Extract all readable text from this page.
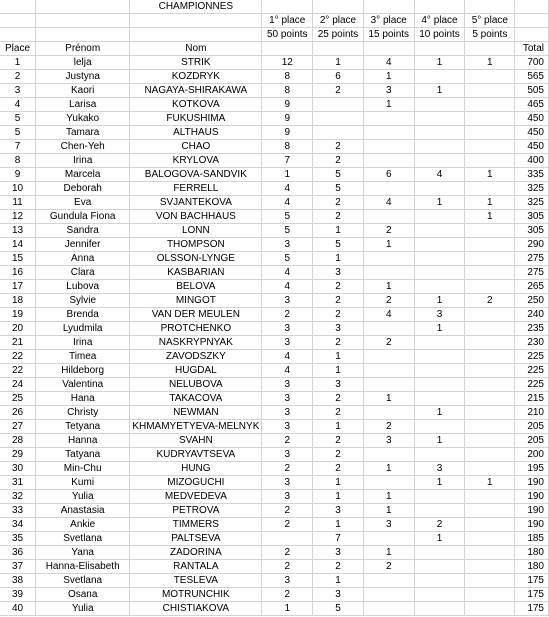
		CHAMPIONNES						
			1° place	2° place	3° place	4° place	5° place	
			50 points	25 points	15 points	10 points	5 points	
Place	Prénom	Nom						Total
1	lelja	STRIK	12	1	4	1	1	700
2	Justyna	KOZDRYK	8	6	1			565
3	Kaori	NAGAYA-SHIRAKAWA	8	2	3	1		505
4	Larisa	KOTKOVA	9		1			465
5	Yukako	FUKUSHIMA	9					450
5	Tamara	ALTHAUS	9					450
7	Chen-Yeh	CHAO	8	2				450
8	Irina	KRYLOVA	7	2				400
9	Marcela	BALOGOVA-SANDVIK	1	5	6	4	1	335
10	Deborah	FERRELL	4	5				325
11	Eva	SVJANTEKOVA	4	2	4	1	1	325
12	Gundula Fiona	VON BACHHAUS	5	2			1	305
13	Sandra	LONN	5	1	2			305
14	Jennifer	THOMPSON	3	5	1			290
15	Anna	OLSSON-LYNGE	5	1				275
16	Clara	KASBARIAN	4	3				275
17	Lubova	BELOVA	4	2	1			265
18	Sylvie	MINGOT	3	2	2	1	2	250
19	Brenda	VAN DER MEULEN	2	2	4	3		240
20	Lyudmila	PROTCHENKO	3	3		1		235
21	Irina	NASKRYPNYAK	3	2	2			230
22	Timea	ZAVODSZKY	4	1				225
22	Hildeborg	HUGDAL	4	1				225
24	Valentina	NELUBOVA	3	3				225
25	Hana	TAKACOVA	3	2	1			215
26	Christy	NEWMAN	3	2		1		210
27	Tetyana	KHMAMYETYEVA-MELNYK	3	1	2			205
28	Hanna	SVAHN	2	2	3	1		205
29	Tatyana	KUDRYAVTSEVA	3	2				200
30	Min-Chu	HUNG	2	2	1	3		195
31	Kumi	MIZOGUCHI	3	1		1	1	190
32	Yulia	MEDVEDEVA	3	1	1			190
33	Anastasia	PETROVA	2	3	1			190
34	Ankie	TIMMERS	2	1	3	2		190
35	Svetlana	PALTSEVA		7		1		185
36	Yana	ZADORINA	2	3	1			180
37	Hanna-Elisabeth	RANTALA	2	2	2			180
38	Svetlana	TESLEVA	3	1				175
39	Osana	MOTRUNCHIK	2	3				175
40	Yulia	CHISTIAKOVA	1	5				175
